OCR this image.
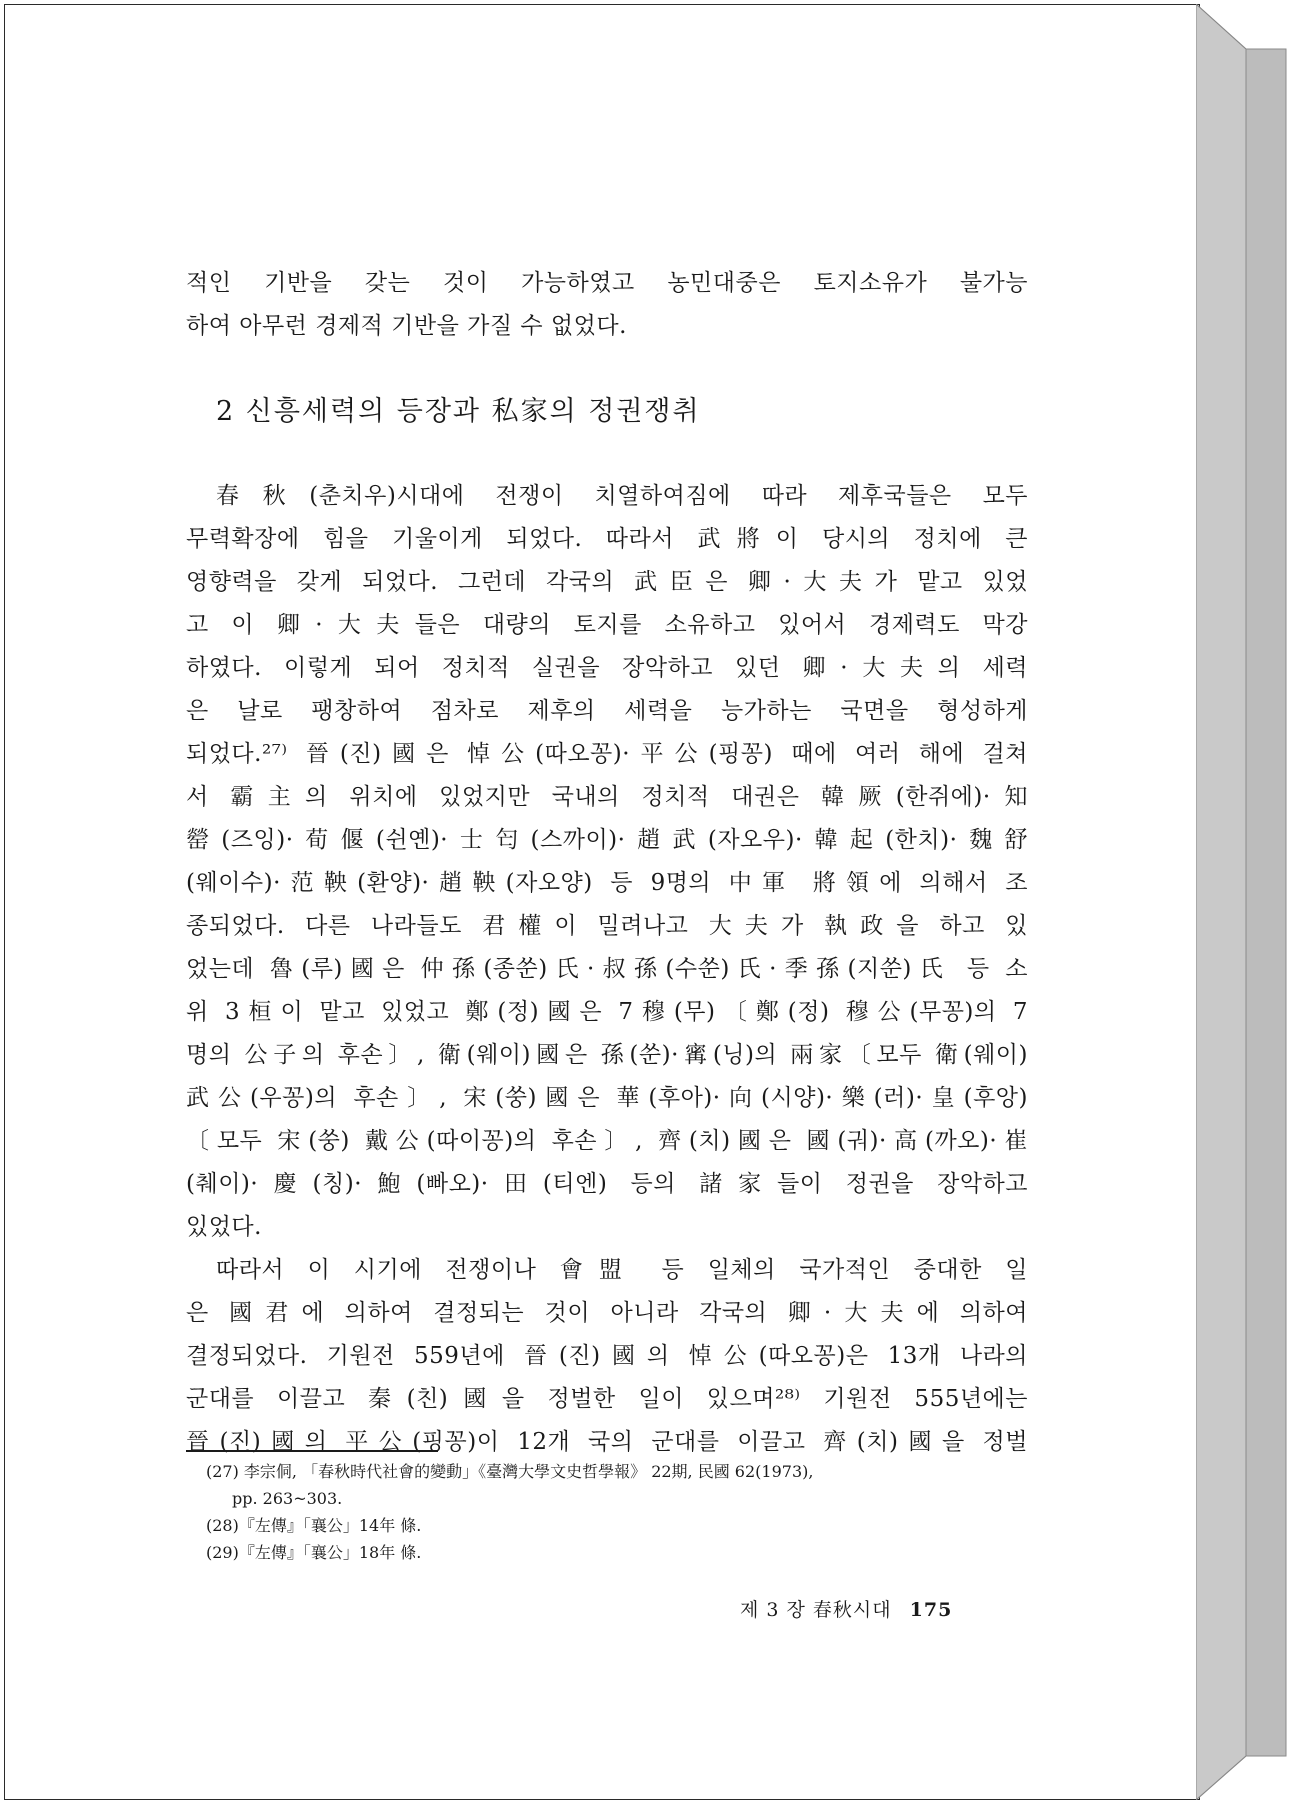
적인 기반을 갖는 것이 가능하였고 농민대중은 토지소유가 불가능
하여 아무런 경제적 기반을 가질 수 없었다.
2 신흥세력의 등장과 私家의 정권쟁취
春秋(춘치우)시대에 전쟁이 치열하여짐에 따라 제후국들은 모두
무력확장에 힘을 기울이게 되었다. 따라서 武將이 당시의 정치에 큰
영향력을 갖게 되었다. 그런데 각국의 武臣은 卿·大夫가 맡고 있었
고 이 卿·大夫들은 대량의 토지를 소유하고 있어서 경제력도 막강
하였다. 이렇게 되어 정치적 실권을 장악하고 있던 卿·大夫의 세력
은 날로 팽창하여 점차로 제후의 세력을 능가하는 국면을 형성하게
되었다.²⁷⁾ 晉(진)國은 悼公(따오꽁)·平公(핑꽁) 때에 여러 해에 걸쳐
서 霸主의 위치에 있었지만 국내의 정치적 대권은 韓厥(한쥐에)·知
罃(즈잉)·荀偃(쉰옌)·士匄(스까이)·趙武(자오우)·韓起(한치)·魏舒
(웨이수)·范鞅(환양)·趙鞅(자오양) 등 9명의 中軍 將領에 의해서 조
종되었다. 다른 나라들도 君權이 밀려나고 大夫가 執政을 하고 있
었는데 魯(루)國은 仲孫(종쑨)氏·叔孫(수쑨)氏·季孫(지쑨)氏 등 소
위 3桓이 맡고 있었고 鄭(정)國은 7穆(무)〔鄭(정) 穆公(무꽁)의 7
명의 公子의 후손〕, 衛(웨이)國은 孫(쑨)·寗(닝)의 兩家〔모두 衛(웨이)
武公(우꽁)의 후손〕, 宋(쑹)國은 華(후아)·向(시양)·樂(러)·皇(후앙)
〔모두 宋(쑹) 戴公(따이꽁)의 후손〕, 齊(치)國은 國(궈)·高(까오)·崔
(췌이)·慶(칭)·鮑(빠오)·田(티엔) 등의 諸家들이 정권을 장악하고
있었다.
따라서 이 시기에 전쟁이나 會盟 등 일체의 국가적인 중대한 일
은 國君에 의하여 결정되는 것이 아니라 각국의 卿·大夫에 의하여
결정되었다. 기원전 559년에 晉(진)國의 悼公(따오꽁)은 13개 나라의
군대를 이끌고 秦(친)國을 정벌한 일이 있으며²⁸⁾ 기원전 555년에는
晉(진)國의 平公(핑꽁)이 12개 국의 군대를 이끌고 齊(치)國을 정벌
(27) 李宗侗, 「春秋時代社會的變動」《臺灣大學文史哲學報》 22期, 民國 62(1973),
pp. 263~303.
(28)『左傳』「襄公」14年 條.
(29)『左傳』「襄公」18年 條.
제 3 장 春秋시대 175
